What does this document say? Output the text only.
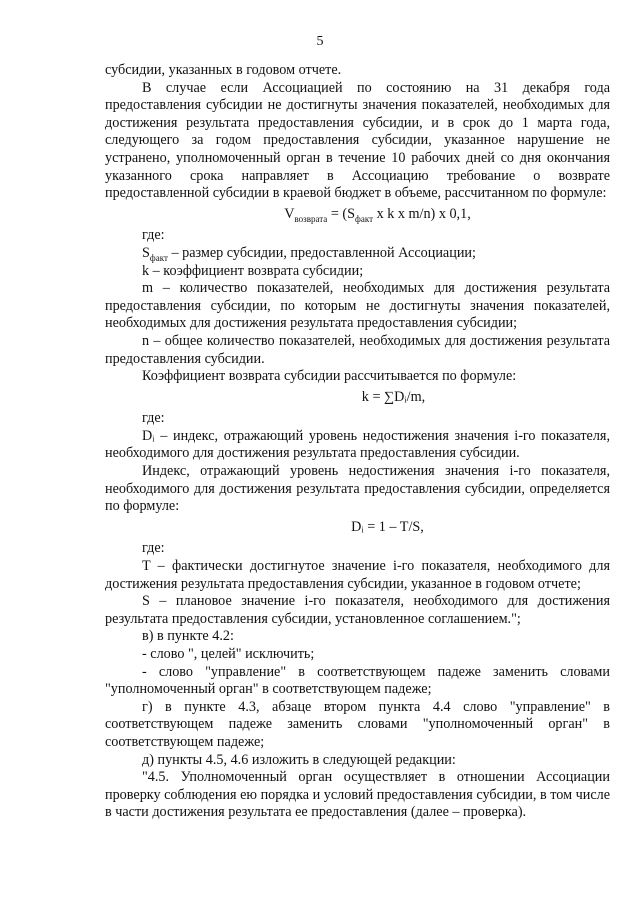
5

субсидии, указанных в годовом отчете.

В случае если Ассоциацией по состоянию на 31 декабря года предоставления субсидии не достигнуты значения показателей, необходимых для достижения результата предоставления субсидии, и в срок до 1 марта года, следующего за годом предоставления субсидии, указанное нарушение не устранено, уполномоченный орган в течение 10 рабочих дней со дня окончания указанного срока направляет в Ассоциацию требование о возврате предоставленной субсидии в краевой бюджет в объеме, рассчитанном по формуле:

$V_{возврата} = (S_{факт}$ x k x m/n) x 0,1,

где:

$S_{факт}$ – размер субсидии, предоставленной Ассоциации;

k – коэффициент возврата субсидии;

m – количество показателей, необходимых для достижения результата предоставления субсидии, по которым не достигнуты значения показателей, необходимых для достижения результата предоставления субсидии;

n – общее количество показателей, необходимых для достижения результата предоставления субсидии.

Коэффициент возврата субсидии рассчитывается по формуле:

k = ∑Dᵢ/m,

где:

Dᵢ – индекс, отражающий уровень недостижения значения i-го показателя, необходимого для достижения результата предоставления субсидии.

Индекс, отражающий уровень недостижения значения i-го показателя, необходимого для достижения результата предоставления субсидии, определяется по формуле:

Dᵢ = 1 – T/S,

где:

T – фактически достигнутое значение i-го показателя, необходимого для достижения результата предоставления субсидии, указанное в годовом отчете;

S – плановое значение i-го показателя, необходимого для достижения результата предоставления субсидии, установленное соглашением.";

в) в пункте 4.2:

- слово ", целей" исключить;

- слово "управление" в соответствующем падеже заменить словами "уполномоченный орган" в соответствующем падеже;

г) в пункте 4.3, абзаце втором пункта 4.4 слово "управление" в соответствующем падеже заменить словами "уполномоченный орган" в соответствующем падеже;

д) пункты 4.5, 4.6 изложить в следующей редакции:

"4.5. Уполномоченный орган осуществляет в отношении Ассоциации проверку соблюдения ею порядка и условий предоставления субсидии, в том числе в части достижения результата ее предоставления (далее – проверка).
